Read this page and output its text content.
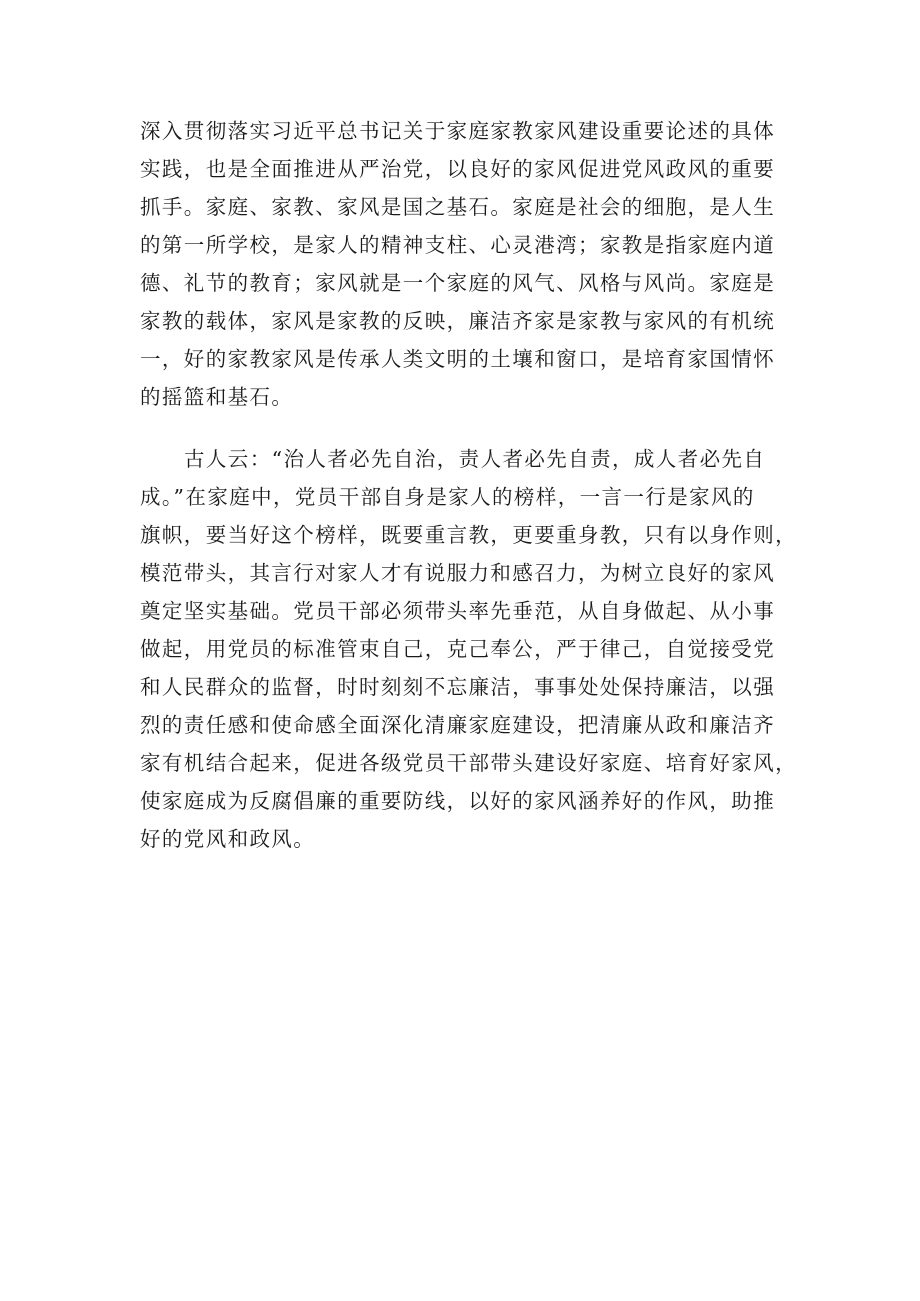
深入贯彻落实习近平总书记关于家庭家教家风建设重要论述的具体
实践，也是全面推进从严治党，以良好的家风促进党风政风的重要
抓手。家庭、家教、家风是国之基石。家庭是社会的细胞，是人生
的第一所学校，是家人的精神支柱、心灵港湾；家教是指家庭内道
德、礼节的教育；家风就是一个家庭的风气、风格与风尚。家庭是
家教的载体，家风是家教的反映，廉洁齐家是家教与家风的有机统
一，好的家教家风是传承人类文明的土壤和窗口，是培育家国情怀
的摇篮和基石。
古人云：“治人者必先自治，责人者必先自责，成人者必先自
成。”在家庭中，党员干部自身是家人的榜样，一言一行是家风的
旗帜，要当好这个榜样，既要重言教，更要重身教，只有以身作则，
模范带头，其言行对家人才有说服力和感召力，为树立良好的家风
奠定坚实基础。党员干部必须带头率先垂范，从自身做起、从小事
做起，用党员的标准管束自己，克己奉公，严于律己，自觉接受党
和人民群众的监督，时时刻刻不忘廉洁，事事处处保持廉洁，以强
烈的责任感和使命感全面深化清廉家庭建设，把清廉从政和廉洁齐
家有机结合起来，促进各级党员干部带头建设好家庭、培育好家风，
使家庭成为反腐倡廉的重要防线，以好的家风涵养好的作风，助推
好的党风和政风。
